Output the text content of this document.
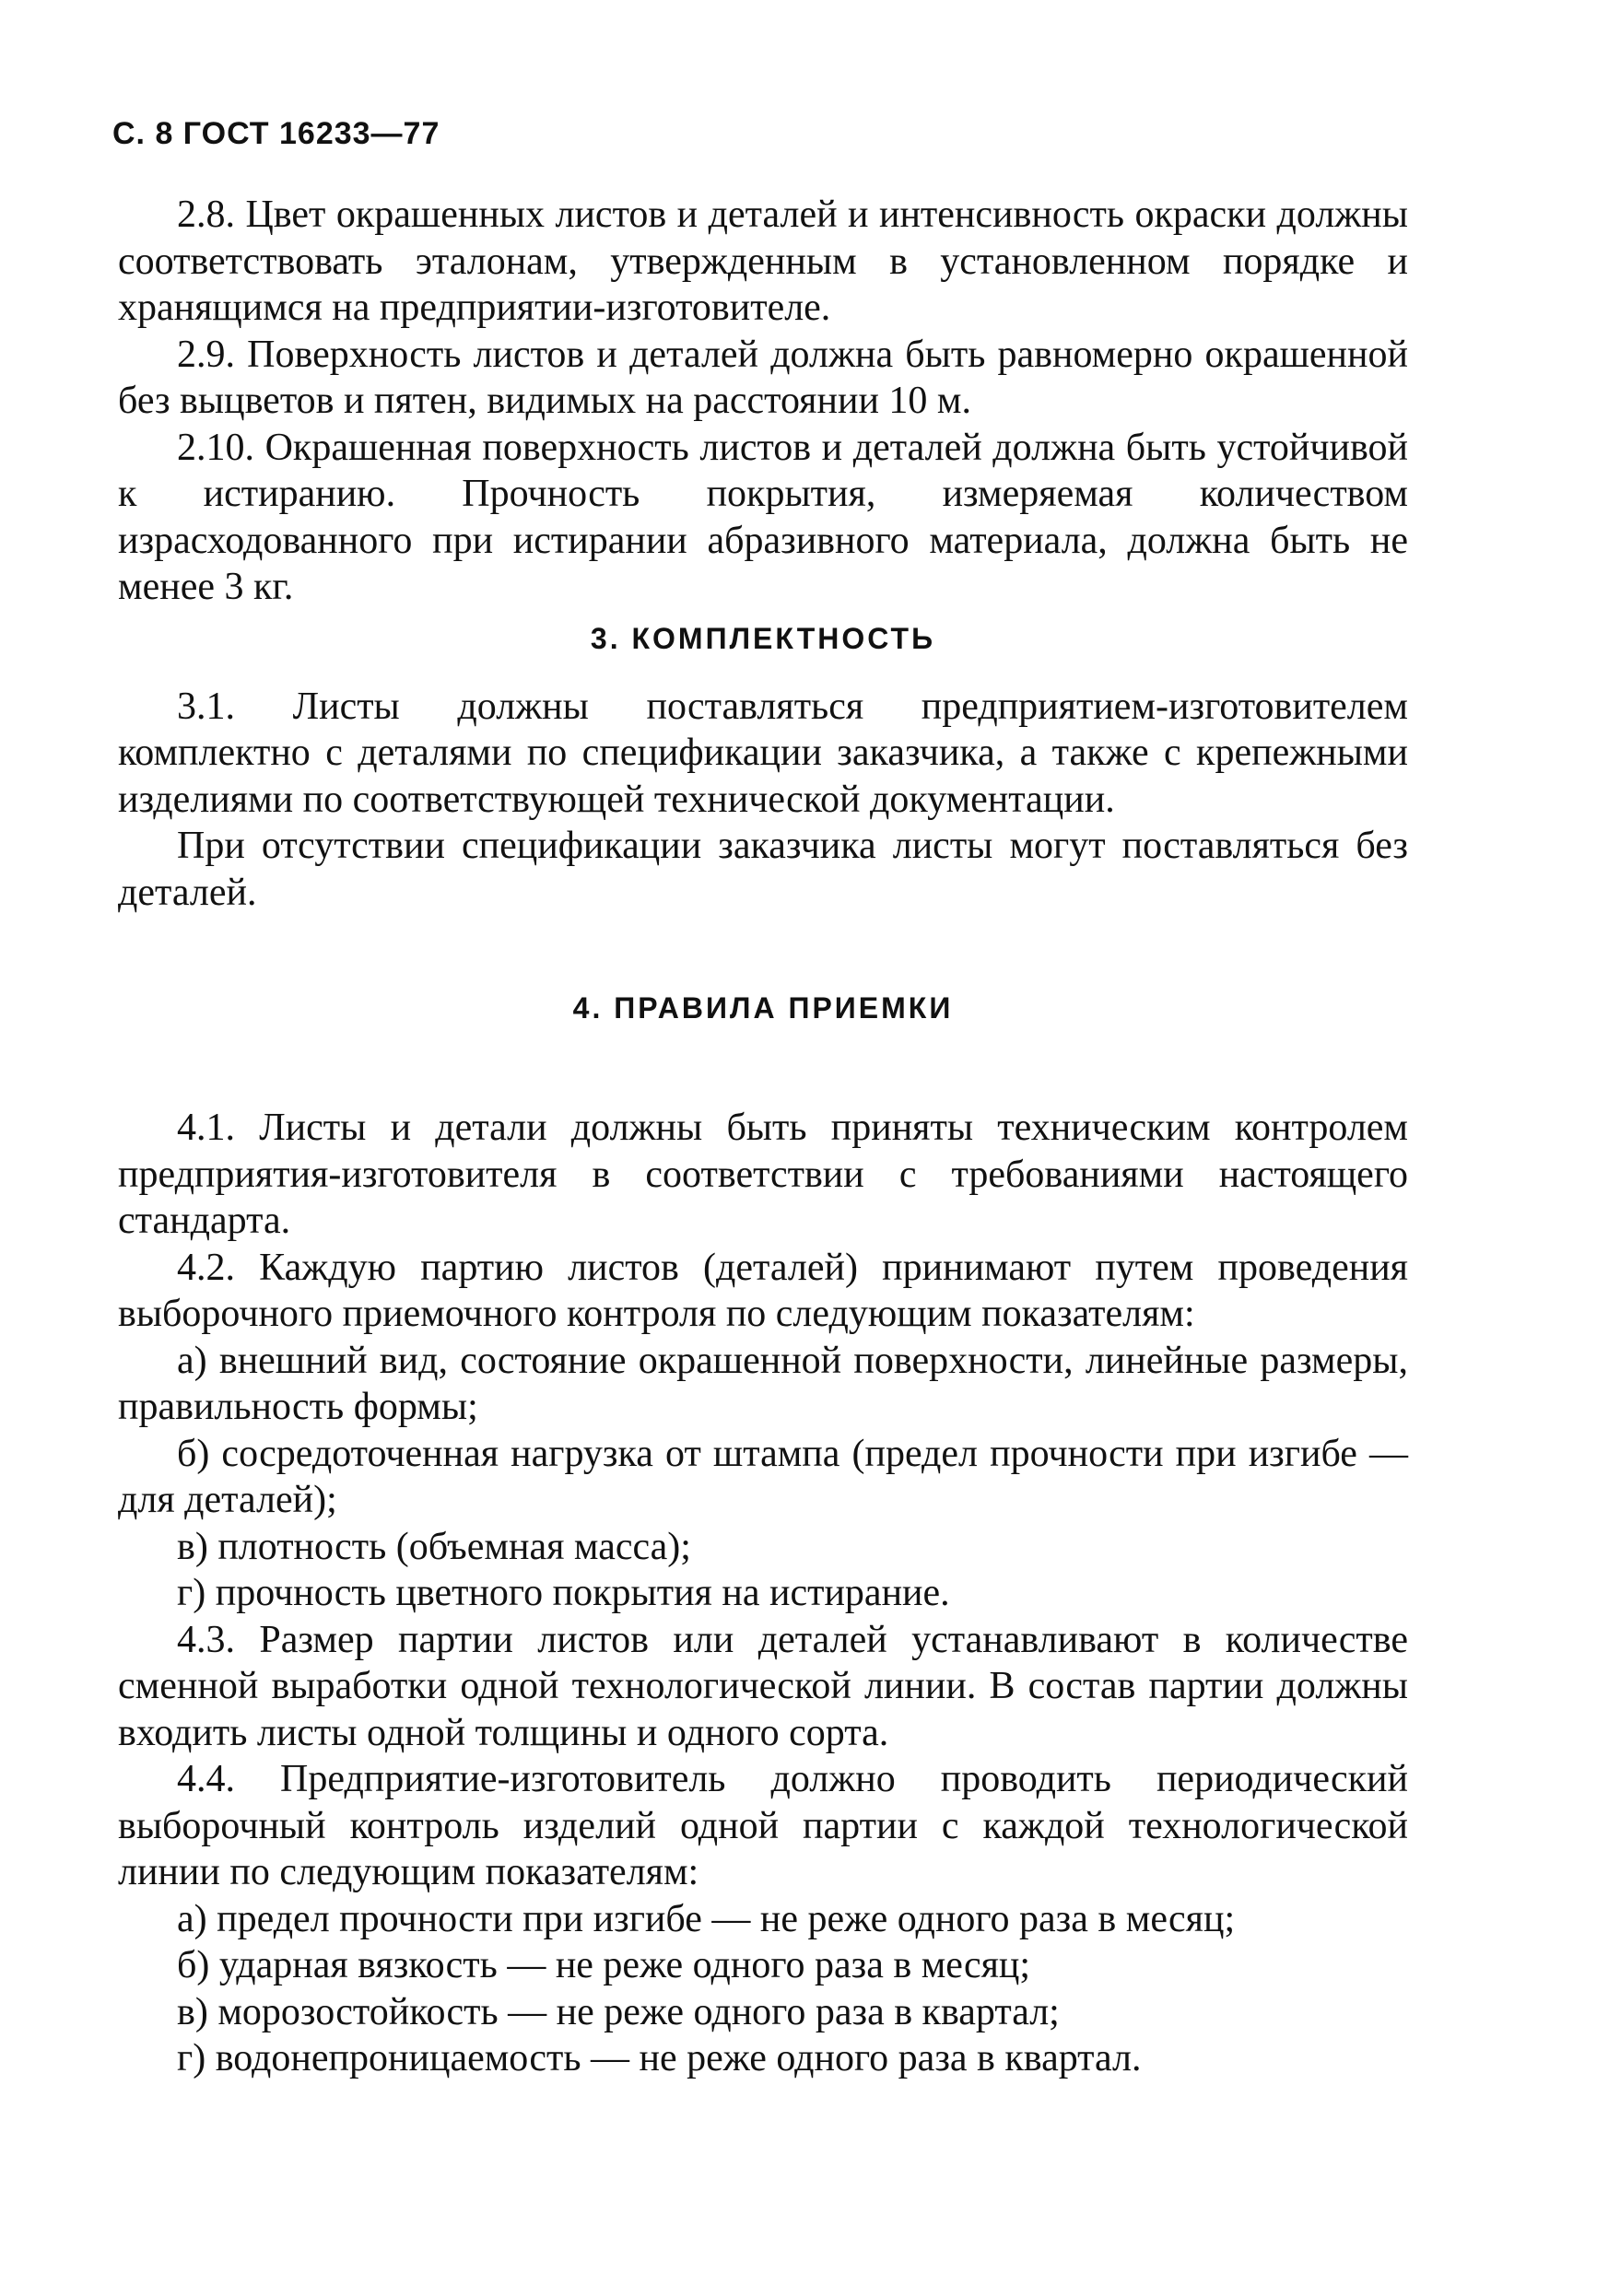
С. 8 ГОСТ 16233—77

2.8. Цвет окрашенных листов и деталей и интенсивность окраски должны соответствовать эталонам, утвержденным в установленном порядке и хранящимся на предприятии-изготовителе.

2.9. Поверхность листов и деталей должна быть равномерно окрашенной без выцветов и пятен, видимых на расстоянии 10 м.

2.10. Окрашенная поверхность листов и деталей должна быть устойчивой к истиранию. Прочность покрытия, измеряемая количеством израсходованного при истирании абразивного материала, должна быть не менее 3 кг.

3. КОМПЛЕКТНОСТЬ

3.1. Листы должны поставляться предприятием-изготовителем комплектно с деталями по спецификации заказчика, а также с крепежными изделиями по соответствующей технической документации.

При отсутствии спецификации заказчика листы могут поставляться без деталей.

4. ПРАВИЛА ПРИЕМКИ

4.1. Листы и детали должны быть приняты техническим контролем предприятия-изготовителя в соответствии с требованиями настоящего стандарта.

4.2. Каждую партию листов (деталей) принимают путем проведения выборочного приемочного контроля по следующим показателям:

а) внешний вид, состояние окрашенной поверхности, линейные размеры, правильность формы;

б) сосредоточенная нагрузка от штампа (предел прочности при изгибе — для деталей);

в) плотность (объемная масса);

г) прочность цветного покрытия на истирание.

4.3. Размер партии листов или деталей устанавливают в количестве сменной выработки одной технологической линии. В состав партии должны входить листы одной толщины и одного сорта.

4.4. Предприятие-изготовитель должно проводить периодический выборочный контроль изделий одной партии с каждой технологической линии по следующим показателям:

а) предел прочности при изгибе — не реже одного раза в месяц;

б) ударная вязкость — не реже одного раза в месяц;

в) морозостойкость — не реже одного раза в квартал;

г) водонепроницаемость — не реже одного раза в квартал.
